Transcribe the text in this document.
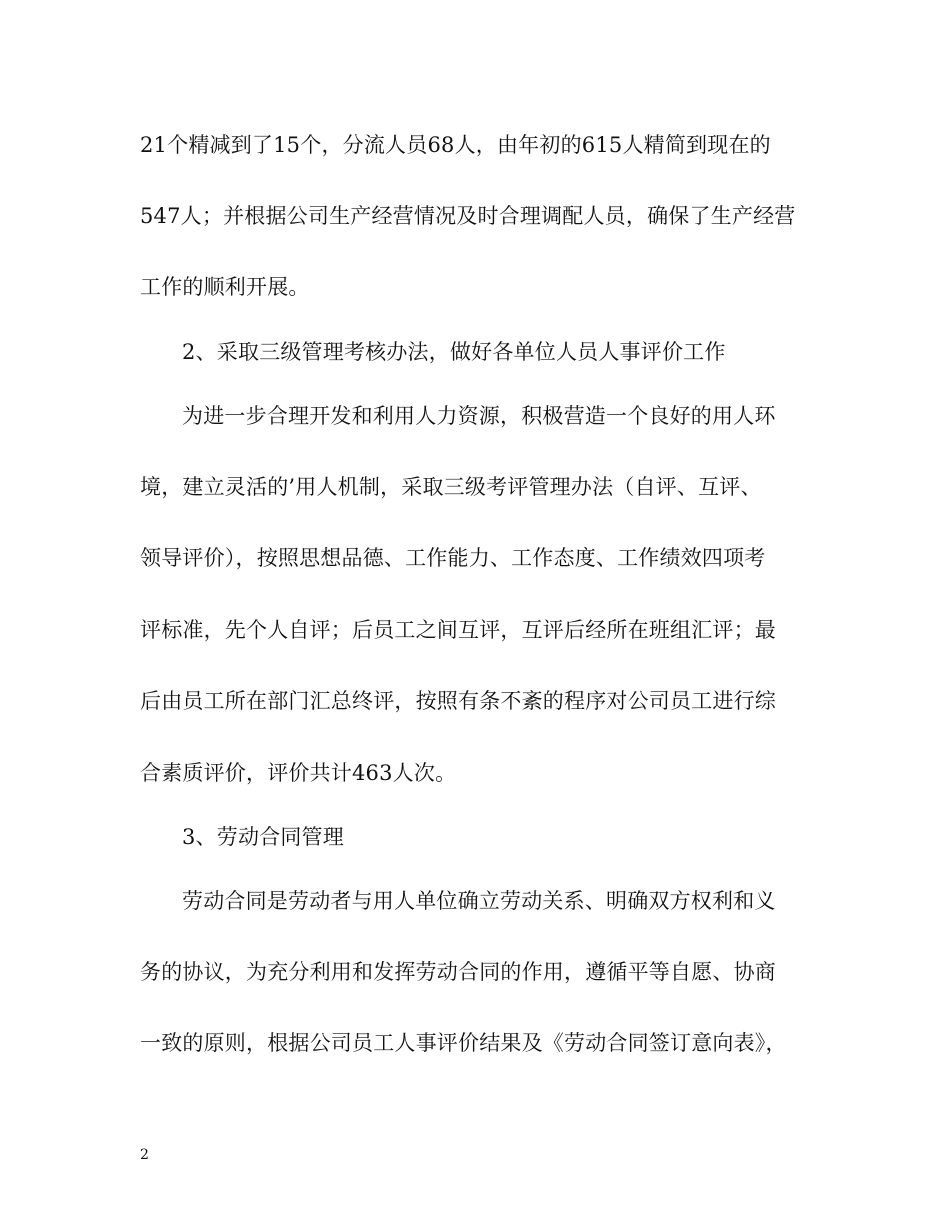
21个精减到了15个，分流人员68人，由年初的615人精简到现在的
547人；并根据公司生产经营情况及时合理调配人员，确保了生产经营
工作的顺利开展。
2、采取三级管理考核办法，做好各单位人员人事评价工作
为进一步合理开发和利用人力资源，积极营造一个良好的用人环
境，建立灵活的’用人机制，采取三级考评管理办法（自评、互评、
领导评价），按照思想品德、工作能力、工作态度、工作绩效四项考
评标准，先个人自评；后员工之间互评，互评后经所在班组汇评；最
后由员工所在部门汇总终评，按照有条不紊的程序对公司员工进行综
合素质评价，评价共计463人次。
3、劳动合同管理
劳动合同是劳动者与用人单位确立劳动关系、明确双方权利和义
务的协议，为充分利用和发挥劳动合同的作用，遵循平等自愿、协商
一致的原则，根据公司员工人事评价结果及《劳动合同签订意向表》，
2
